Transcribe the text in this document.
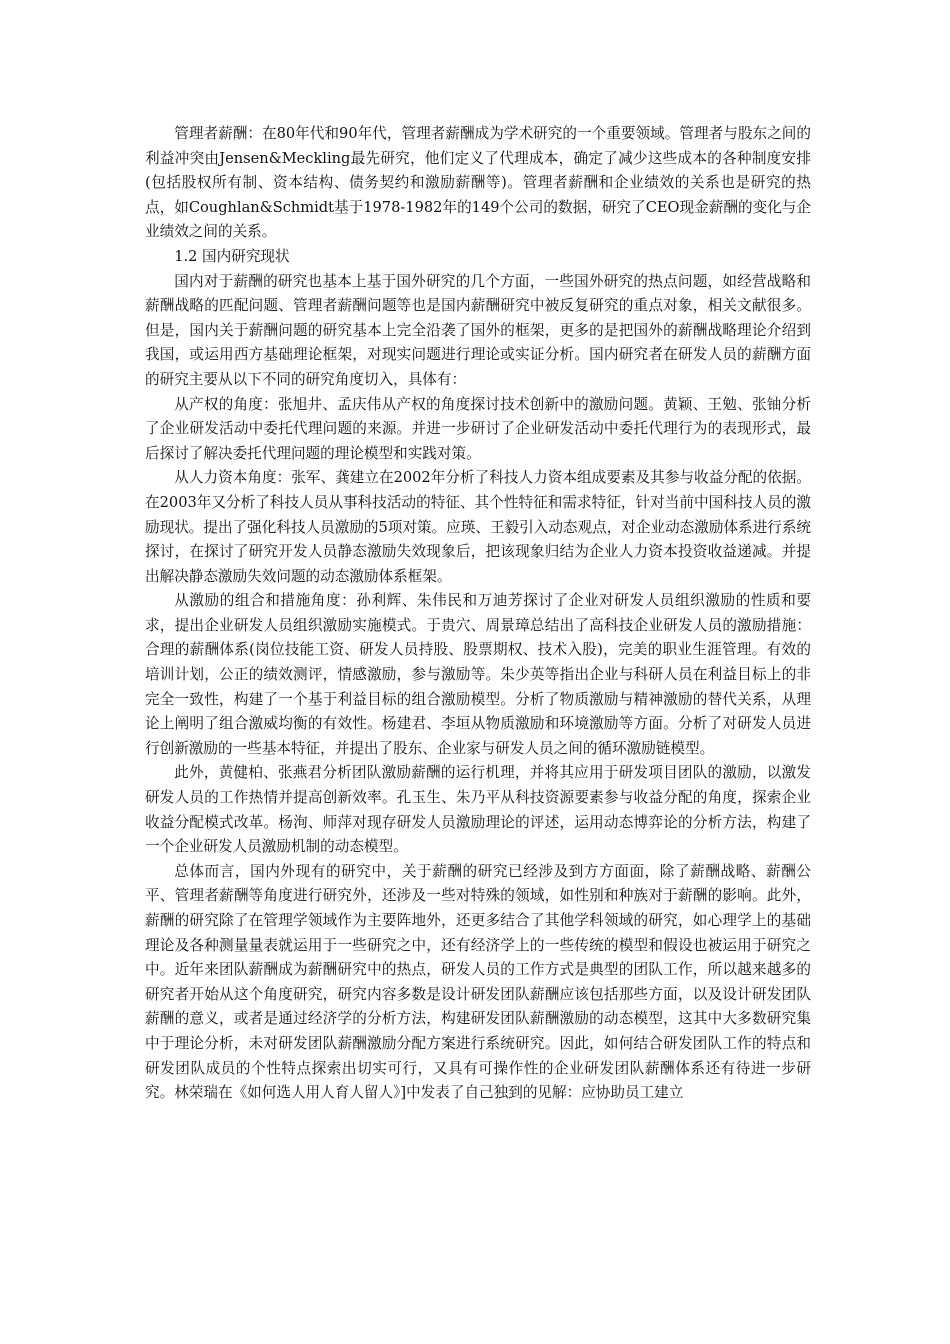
管理者薪酬：在80年代和90年代，管理者薪酬成为学术研究的一个重要领域。管理者与股东之间的利益冲突由Jensen&Meckling最先研究，他们定义了代理成本，确定了减少这些成本的各种制度安排(包括股权所有制、资本结构、债务契约和激励薪酬等)。管理者薪酬和企业绩效的关系也是研究的热点，如Coughlan&Schmidt基于1978-1982年的149个公司的数据，研究了CEO现金薪酬的变化与企业绩效之间的关系。

1.2 国内研究现状

国内对于薪酬的研究也基本上基于国外研究的几个方面，一些国外研究的热点问题，如经营战略和薪酬战略的匹配问题、管理者薪酬问题等也是国内薪酬研究中被反复研究的重点对象，相关文献很多。但是，国内关于薪酬问题的研究基本上完全沿袭了国外的框架，更多的是把国外的薪酬战略理论介绍到我国，或运用西方基础理论框架，对现实问题进行理论或实证分析。国内研究者在研发人员的薪酬方面的研究主要从以下不同的研究角度切入，具体有：

从产权的角度：张旭井、孟庆伟从产权的角度探讨技术创新中的激励问题。黄颖、王勉、张铀分析了企业研发活动中委托代理问题的来源。并进一步研讨了企业研发活动中委托代理行为的表现形式，最后探讨了解决委托代理问题的理论模型和实践对策。

从人力资本角度：张军、龚建立在2002年分析了科技人力资本组成要素及其参与收益分配的依据。在2003年又分析了科技人员从事科技活动的特征、其个性特征和需求特征，针对当前中国科技人员的激励现状。提出了强化科技人员激励的5项对策。应瑛、王毅引入动态观点，对企业动态激励体系进行系统探讨，在探讨了研究开发人员静态激励失效现象后，把该现象归结为企业人力资本投资收益递减。并提出解决静态激励失效问题的动态激励体系框架。

从激励的组合和措施角度：孙利辉、朱伟民和万迪芳探讨了企业对研发人员组织激励的性质和要求，提出企业研发人员组织激励实施模式。于贵穴、周景璋总结出了高科技企业研发人员的激励措施：合理的薪酬体系(岗位技能工资、研发人员持股、股票期权、技术入股)，完美的职业生涯管理。有效的培训计划，公正的绩效测评，情感激励，参与激励等。朱少英等指出企业与科研人员在利益目标上的非完全一致性，构建了一个基于利益目标的组合激励模型。分析了物质激励与精神激励的替代关系，从理论上阐明了组合激威均衡的有效性。杨建君、李垣从物质激励和环境激励等方面。分析了对研发人员进行创新激励的一些基本特征，并提出了股东、企业家与研发人员之间的循环激励链模型。

此外，黄健柏、张燕君分析团队激励薪酬的运行机理，并将其应用于研发项目团队的激励，以激发研发人员的工作热情并提高创新效率。孔玉生、朱乃平从科技资源要素参与收益分配的角度，探索企业收益分配模式改革。杨洵、师萍对现存研发人员激励理论的评述，运用动态博弈论的分析方法，构建了一个企业研发人员激励机制的动态模型。

总体而言，国内外现有的研究中，关于薪酬的研究已经涉及到方方面面，除了薪酬战略、薪酬公平、管理者薪酬等角度进行研究外，还涉及一些对特殊的领域，如性别和种族对于薪酬的影响。此外，薪酬的研究除了在管理学领域作为主要阵地外，还更多结合了其他学科领域的研究，如心理学上的基础理论及各种测量量表就运用于一些研究之中，还有经济学上的一些传统的模型和假设也被运用于研究之中。近年来团队薪酬成为薪酬研究中的热点，研发人员的工作方式是典型的团队工作，所以越来越多的研究者开始从这个角度研究，研究内容多数是设计研发团队薪酬应该包括那些方面，以及设计研发团队薪酬的意义，或者是通过经济学的分析方法，构建研发团队薪酬激励的动态模型，这其中大多数研究集中于理论分析，未对研发团队薪酬激励分配方案进行系统研究。因此，如何结合研发团队工作的特点和研发团队成员的个性特点探索出切实可行，又具有可操作性的企业研发团队薪酬体系还有待进一步研究。林荣瑞在《如何选人用人育人留人》]中发表了自己独到的见解：应协助员工建立
